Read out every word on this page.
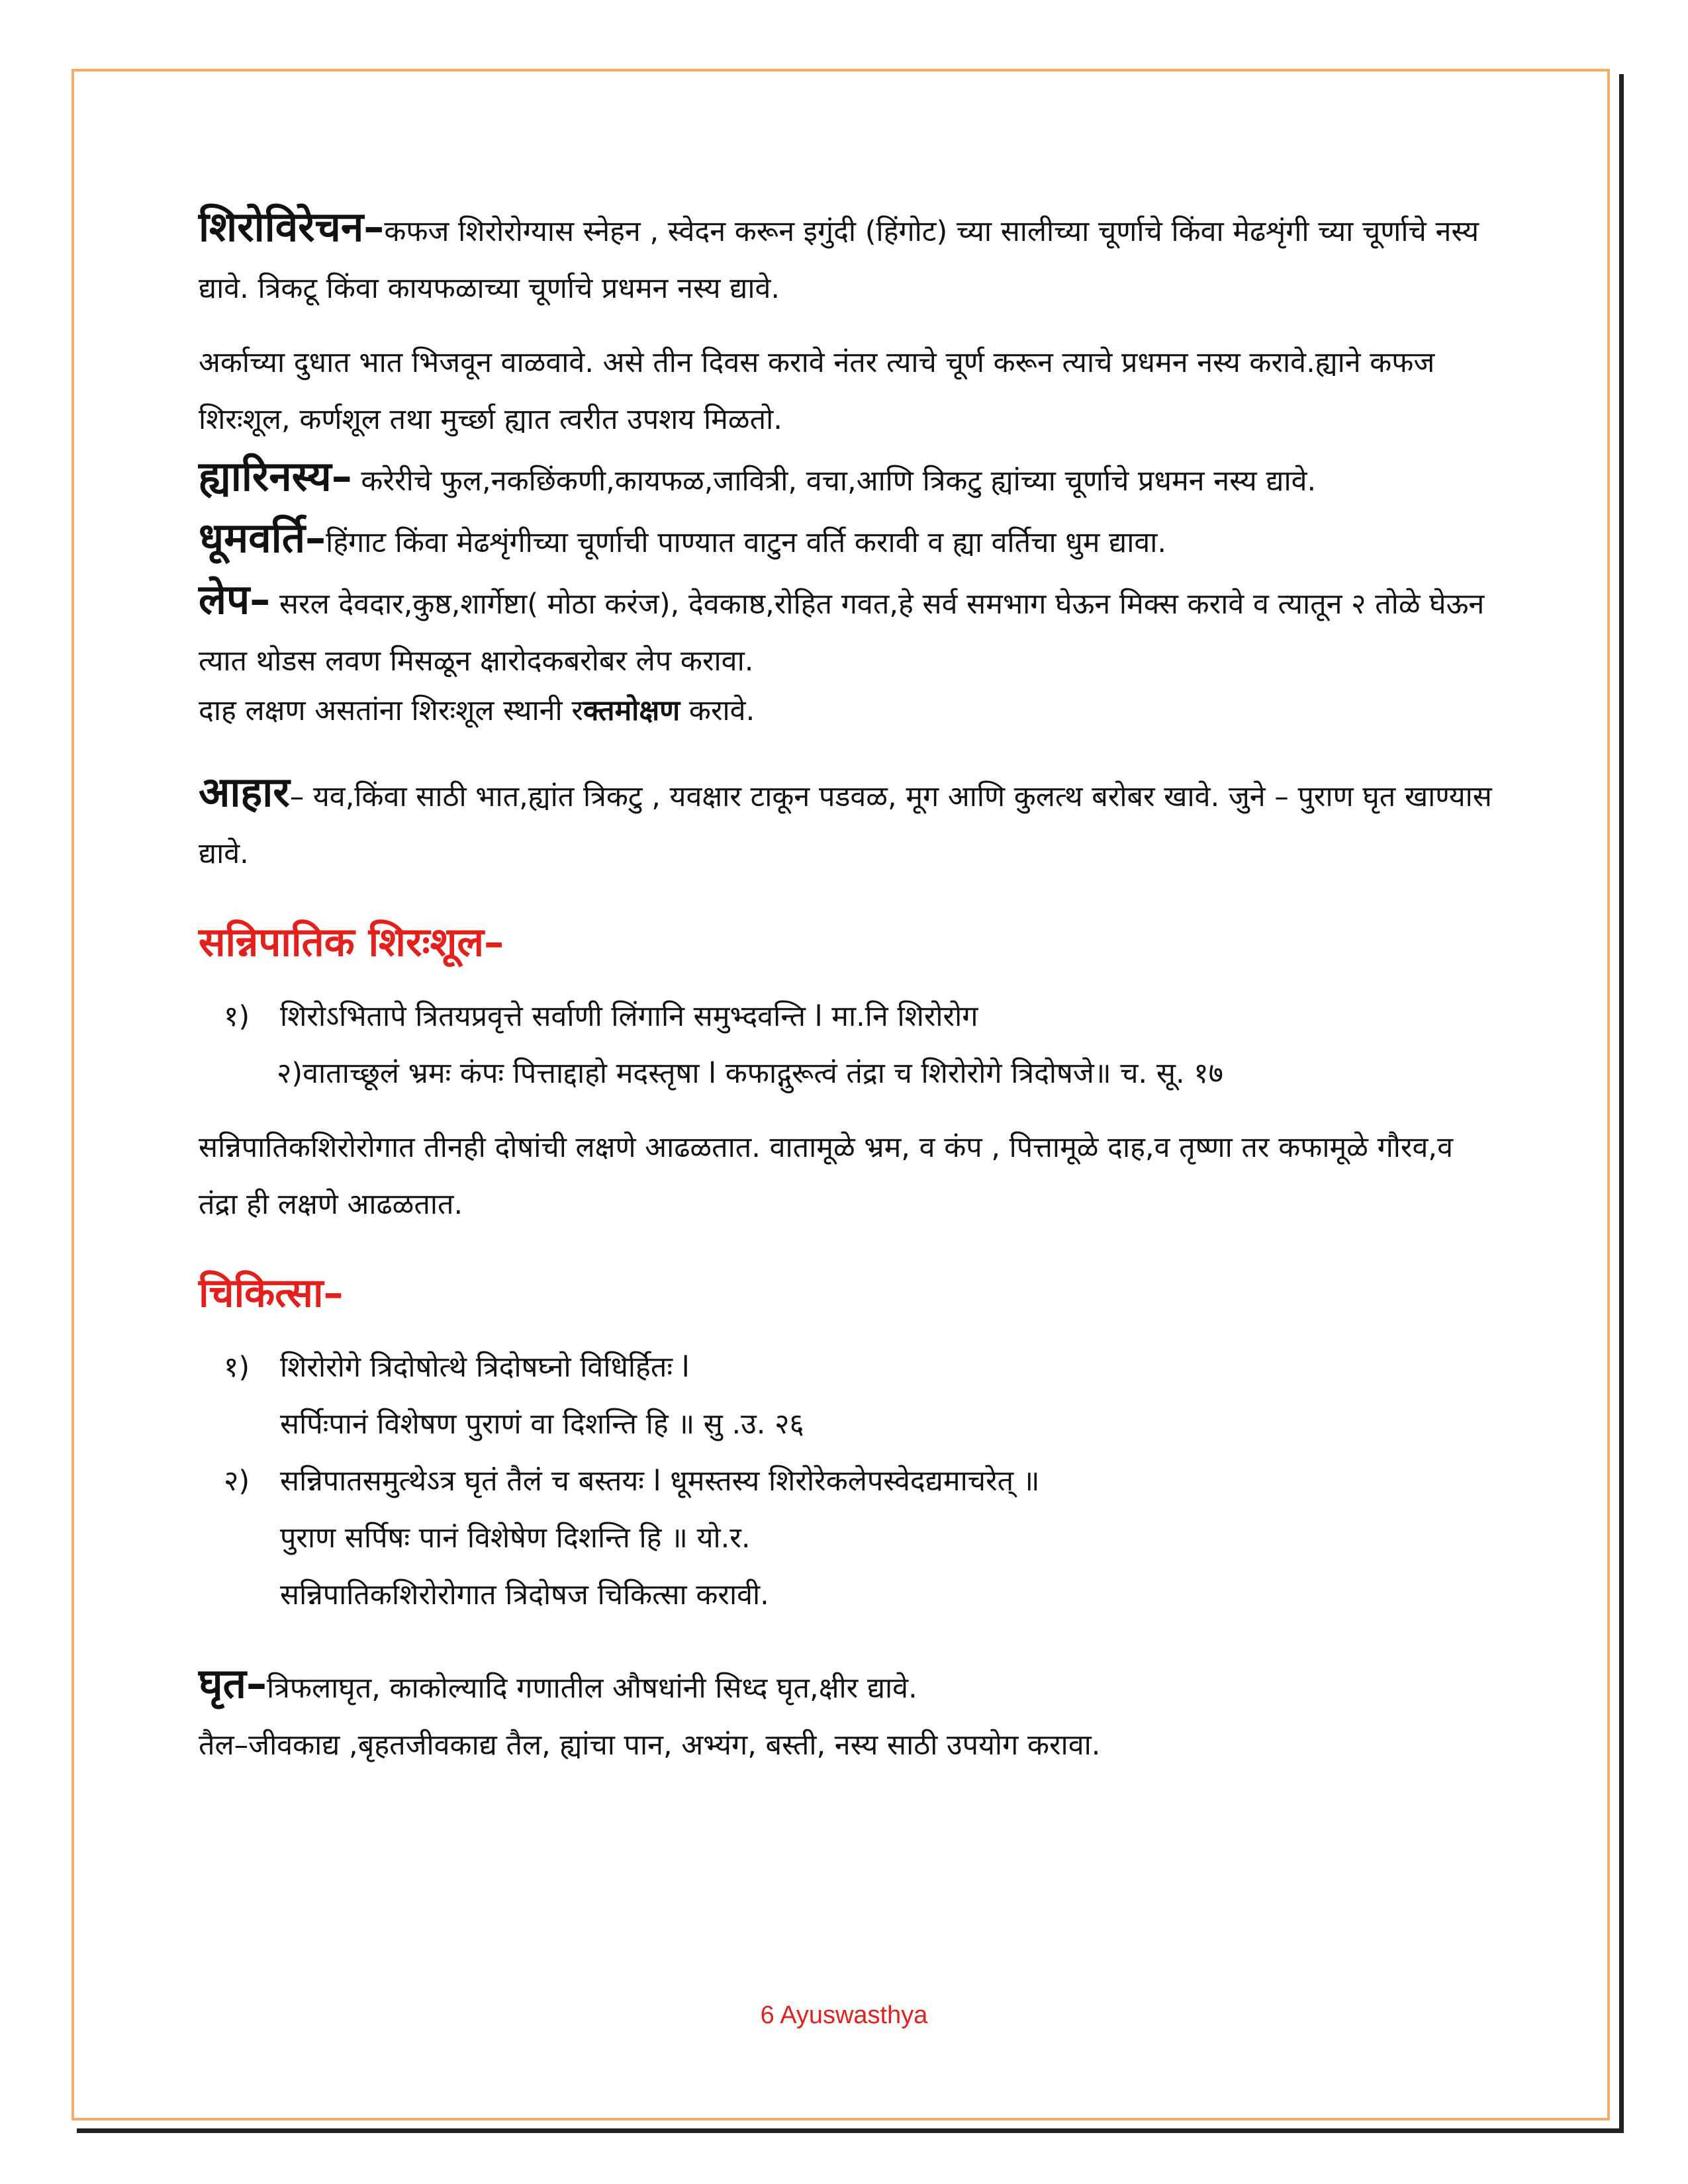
शिरोविरेचन–कफज शिरोरोग्यास स्नेहन , स्वेदन करून इगुंदी (हिंगोट) च्या सालीच्या चूर्णाचे किंवा मेढशृंगी च्या चूर्णाचे नस्य द्यावे. त्रिकटू किंवा कायफळाच्या चूर्णाचे प्रधमन नस्य द्यावे.

अर्काच्या दुधात भात भिजवून वाळवावे. असे तीन दिवस करावे नंतर त्याचे चूर्ण करून त्याचे प्रधमन नस्य करावे.ह्याने कफज शिरःशूल, कर्णशूल तथा मुर्च्छा ह्यात त्वरीत उपशय मिळतो.

ह्यारिनस्य– करेरीचे फुल,नकछिंकणी,कायफळ,जावित्री, वचा,आणि त्रिकटु ह्यांच्या चूर्णाचे प्रधमन नस्य द्यावे.

धूमवर्ति–हिंगाट किंवा मेढशृंगीच्या चूर्णाची पाण्यात वाटुन वर्ति करावी व ह्या वर्तिचा धुम द्यावा.

लेप– सरल देवदार,कुष्ठ,शार्गेष्टा( मोठा करंज), देवकाष्ठ,रोहित गवत,हे सर्व समभाग घेऊन मिक्स करावे व त्यातून २ तोळे घेऊन त्यात थोडस लवण मिसळून क्षारोदकबरोबर लेप करावा.

दाह लक्षण असतांना शिरःशूल स्थानी रक्तमोक्षण करावे.

आहार– यव,किंवा साठी भात,ह्यांत त्रिकटु , यवक्षार टाकून पडवळ, मूग आणि कुलत्थ बरोबर खावे. जुने – पुराण घृत खाण्यास द्यावे.

सन्निपातिक शिरःशूल–

१) शिरोऽभितापे त्रितयप्रवृत्ते सर्वाणी लिंगानि समुभ्दवन्ति l मा.नि शिरोरोग

२)वाताच्छूलं भ्रमः कंपः पित्ताद्दाहो मदस्तृषा l कफाद्गुरूत्वं तंद्रा च शिरोरोगे त्रिदोषजे॥ च. सू. १७

सन्निपातिकशिरोरोगात तीनही दोषांची लक्षणे आढळतात. वातामूळे भ्रम, व कंप , पित्तामूळे दाह,व तृष्णा तर कफामूळे गौरव,व तंद्रा ही लक्षणे आढळतात.

चिकित्सा–

१) शिरोरोगे त्रिदोषोत्थे त्रिदोषघ्नो विधिर्हितः l

सर्पिःपानं विशेषण पुराणं वा दिशन्ति हि ॥ सु .उ. २६

२) सन्निपातसमुत्थेऽत्र घृतं तैलं च बस्तयः l धूमस्तस्य शिरोरेकलेपस्वेदद्यमाचरेत् ॥

पुराण सर्पिषः पानं विशेषेण दिशन्ति हि ॥ यो.र.

सन्निपातिकशिरोरोगात त्रिदोषज चिकित्सा करावी.

घृत–त्रिफलाघृत, काकोल्यादि गणातील औषधांनी सिध्द घृत,क्षीर द्यावे.

तैल–जीवकाद्य ,बृहतजीवकाद्य तैल, ह्यांचा पान, अभ्यंग, बस्ती, नस्य साठी उपयोग करावा.

6 Ayuswasthya
